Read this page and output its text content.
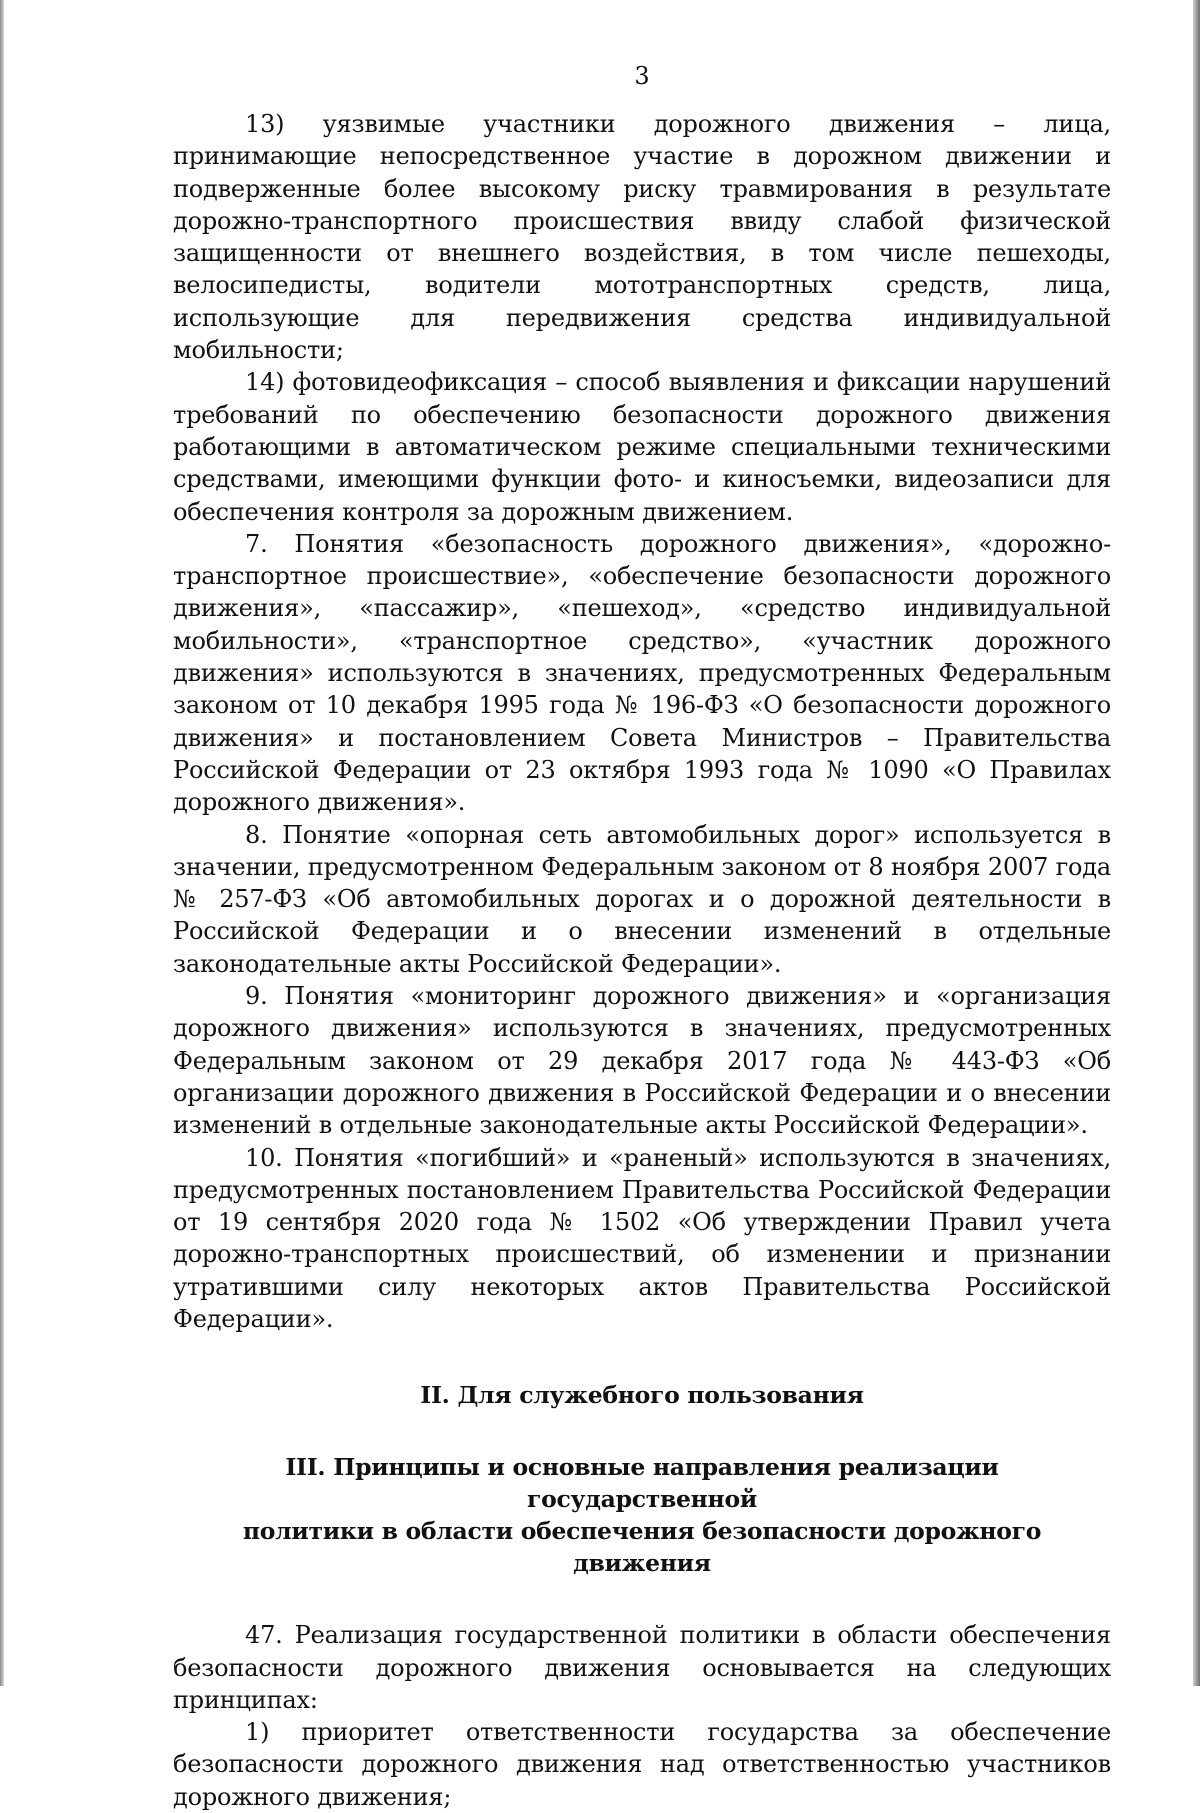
3

13) уязвимые участники дорожного движения – лица, принимающие непосредственное участие в дорожном движении и подверженные более высокому риску травмирования в результате дорожно-транспортного происшествия ввиду слабой физической защищенности от внешнего воздействия, в том числе пешеходы, велосипедисты, водители мототранспортных средств, лица, использующие для передвижения средства индивидуальной мобильности;

14) фотовидеофиксация – способ выявления и фиксации нарушений требований по обеспечению безопасности дорожного движения работающими в автоматическом режиме специальными техническими средствами, имеющими функции фото- и киносъемки, видеозаписи для обеспечения контроля за дорожным движением.

7. Понятия «безопасность дорожного движения», «дорожно-транспортное происшествие», «обеспечение безопасности дорожного движения», «пассажир», «пешеход», «средство индивидуальной мобильности», «транспортное средство», «участник дорожного движения» используются в значениях, предусмотренных Федеральным законом от 10 декабря 1995 года № 196-ФЗ «О безопасности дорожного движения» и постановлением Совета Министров – Правительства Российской Федерации от 23 октября 1993 года № 1090 «О Правилах дорожного движения».

8. Понятие «опорная сеть автомобильных дорог» используется в значении, предусмотренном Федеральным законом от 8 ноября 2007 года № 257-ФЗ «Об автомобильных дорогах и о дорожной деятельности в Российской Федерации и о внесении изменений в отдельные законодательные акты Российской Федерации».

9. Понятия «мониторинг дорожного движения» и «организация дорожного движения» используются в значениях, предусмотренных Федеральным законом от 29 декабря 2017 года № 443-ФЗ «Об организации дорожного движения в Российской Федерации и о внесении изменений в отдельные законодательные акты Российской Федерации».

10. Понятия «погибший» и «раненый» используются в значениях, предусмотренных постановлением Правительства Российской Федерации от 19 сентября 2020 года № 1502 «Об утверждении Правил учета дорожно-транспортных происшествий, об изменении и признании утратившими силу некоторых актов Правительства Российской Федерации».

II. Для служебного пользования
III. Принципы и основные направления реализации государственной
политики в области обеспечения безопасности дорожного движения

47. Реализация государственной политики в области обеспечения безопасности дорожного движения основывается на следующих принципах:

1) приоритет ответственности государства за обеспечение безопасности дорожного движения над ответственностью участников дорожного движения;
